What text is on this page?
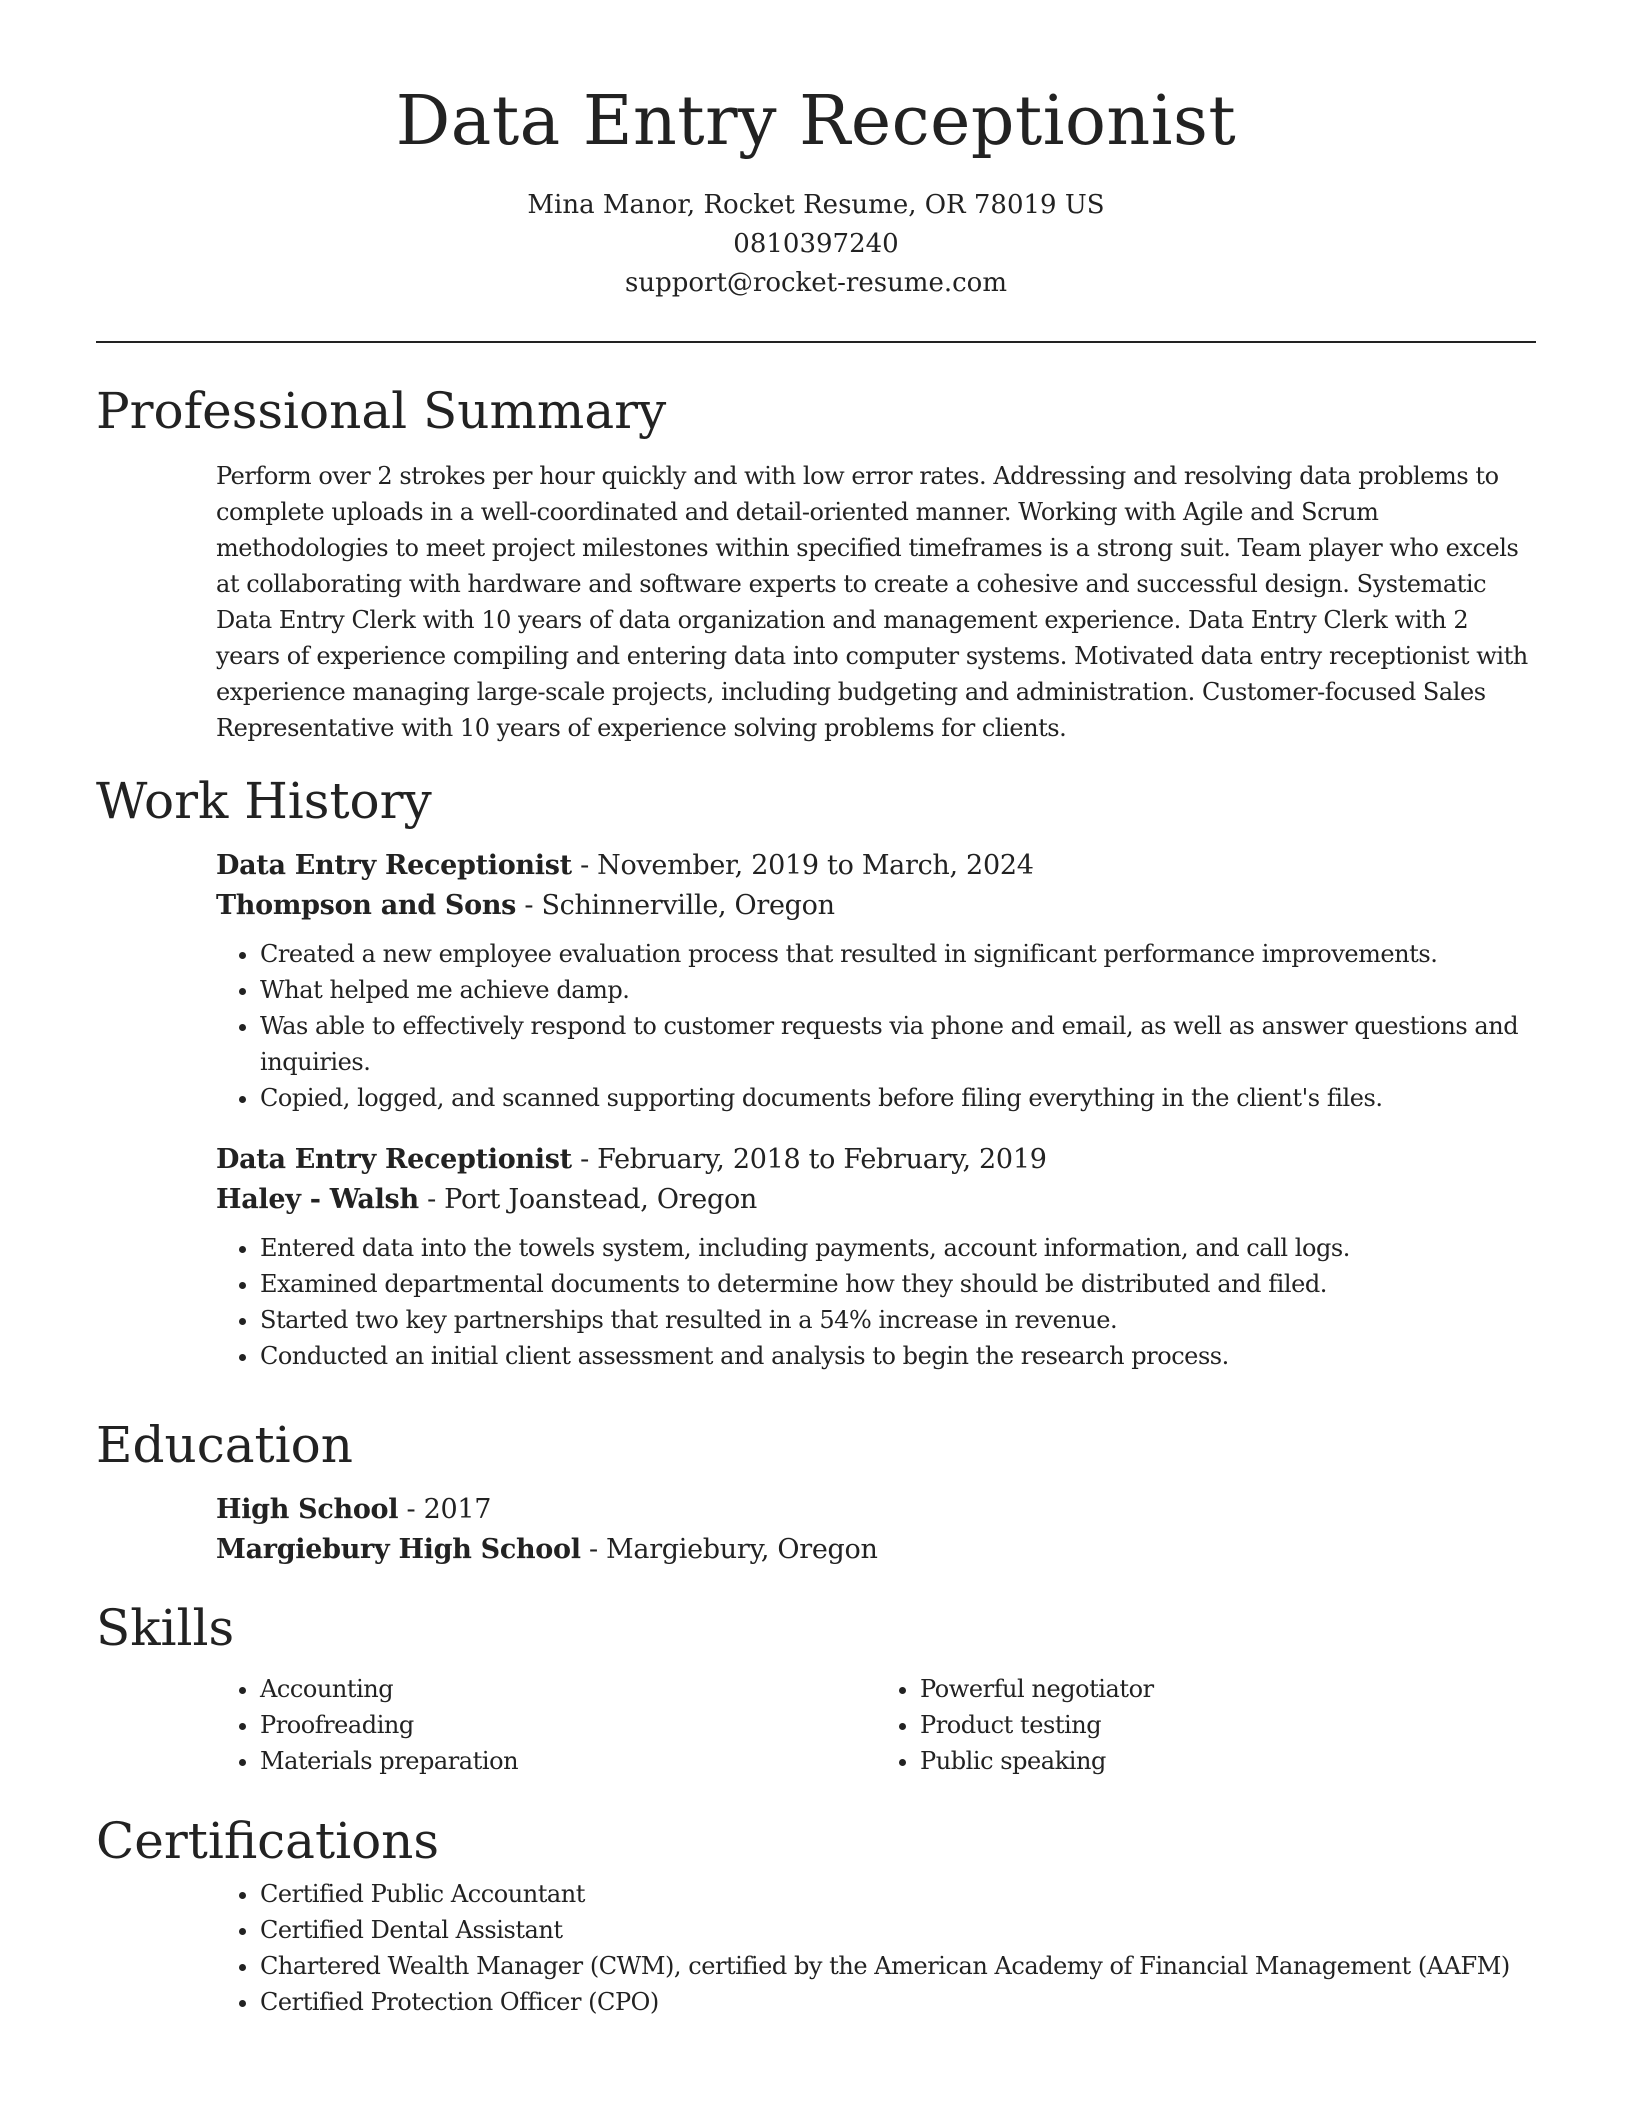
Data Entry Receptionist
Mina Manor, Rocket Resume, OR 78019 US
0810397240
support@rocket-resume.com
Professional Summary

Perform over 2 strokes per hour quickly and with low error rates. Addressing and resolving data problems to complete uploads in a well-coordinated and detail-oriented manner. Working with Agile and Scrum methodologies to meet project milestones within specified timeframes is a strong suit. Team player who excels at collaborating with hardware and software experts to create a cohesive and successful design. Systematic Data Entry Clerk with 10 years of data organization and management experience. Data Entry Clerk with 2 years of experience compiling and entering data into computer systems. Motivated data entry receptionist with experience managing large-scale projects, including budgeting and administration. Customer-focused Sales Representative with 10 years of experience solving problems for clients.

Work History
Data Entry Receptionist - November, 2019 to March, 2024
Thompson and Sons - Schinnerville, Oregon
• Created a new employee evaluation process that resulted in significant performance improvements.
• What helped me achieve damp.
• Was able to effectively respond to customer requests via phone and email, as well as answer questions and inquiries.
• Copied, logged, and scanned supporting documents before filing everything in the client's files.
Data Entry Receptionist - February, 2018 to February, 2019
Haley - Walsh - Port Joanstead, Oregon
• Entered data into the towels system, including payments, account information, and call logs.
• Examined departmental documents to determine how they should be distributed and filed.
• Started two key partnerships that resulted in a 54% increase in revenue.
• Conducted an initial client assessment and analysis to begin the research process.
Education
High School - 2017
Margiebury High School - Margiebury, Oregon
Skills
• Accounting
• Proofreading
• Materials preparation
• Powerful negotiator
• Product testing
• Public speaking
Certifications
• Certified Public Accountant
• Certified Dental Assistant
• Chartered Wealth Manager (CWM), certified by the American Academy of Financial Management (AAFM)
• Certified Protection Officer (CPO)
